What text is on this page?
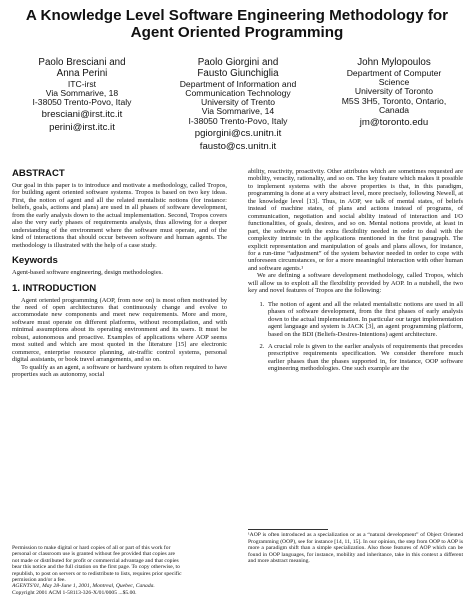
A Knowledge Level Software Engineering Methodology for
Agent Oriented Programming
Paolo Bresciani and
Anna Perini
ITC-irst
Via Sommarive, 18
I-38050 Trento-Povo, Italy
bresciani@irst.itc.it
perini@irst.itc.it
Paolo Giorgini and
Fausto Giunchiglia
Department of Information and
Communication Technology
University of Trento
Via Sommarive, 14
I-38050 Trento-Povo, Italy
pgiorgini@cs.unitn.it
fausto@cs.unitn.it
John Mylopoulos
Department of Computer
Science
University of Toronto
M5S 3H5, Toronto, Ontario,
Canada
jm@toronto.edu
ABSTRACT

Our goal in this paper is to introduce and motivate a methodology, called Tropos, for building agent oriented software systems. Tropos is based on two key ideas. First, the notion of agent and all the related mentalistic notions (for instance: beliefs, goals, actions and plans) are used in all phases of software development, from the early analysis down to the actual implementation. Second, Tropos covers also the very early phases of requirements analysis, thus allowing for a deeper understanding of the environment where the software must operate, and of the kind of interactions that should occur between software and human agents. The methodology is illustrated with the help of a case study.

Keywords

Agent-based software engineering, design methodologies.

1. INTRODUCTION

Agent oriented programming (AOP, from now on) is most often motivated by the need of open architectures that continuously change and evolve to accommodate new components and meet new requirements. More and more, software must operate on different platforms, without recompilation, and with minimal assumptions about its operating environment and its users. It must be robust, autonomous and proactive. Examples of applications where AOP seems most suited and which are most quoted in the literature [15] are electronic commerce, enterprise resource planning, air-traffic control systems, personal digital assistants, or book travel arrangements, and so on.

To qualify as an agent, a software or hardware system is often required to have properties such as autonomy, social

Permission to make digital or hard copies of all or part of this work for
personal or classroom use is granted without fee provided that copies are
not made or distributed for profit or commercial advantage and that copies
bear this notice and the full citation on the first page. To copy otherwise, to
republish, to post on servers or to redistribute to lists, requires prior specific
permission and/or a fee.
AGENTS'01, May 28-June 1, 2001, Montreal, Quebec, Canada.
Copyright 2001 ACM 1-58113-326-X/01/0005 ...$5.00.

ability, reactivity, proactivity. Other attributes which are sometimes requested are mobility, veracity, rationality, and so on. The key feature which makes it possible to implement systems with the above properties is that, in this paradigm, programming is done at a very abstract level, more precisely, following Newell, at the knowledge level [13]. Thus, in AOP, we talk of mental states, of beliefs instead of machine states, of plans and actions instead of programs, of communication, negotiation and social ability instead of interaction and I/O functionalities, of goals, desires, and so on. Mental notions provide, at least in part, the software with the extra flexibility needed in order to deal with the complexity intrinsic in the applications mentioned in the first paragraph. The explicit representation and manipulation of goals and plans allows, for instance, for a run-time “adjustment” of the system behavior needed in order to cope with unforeseen circumstances, or for a more meaningful interaction with other human and software agents.¹

We are defining a software development methodology, called Tropos, which will allow us to exploit all the flexibility provided by AOP. In a nutshell, the two key and novel features of Tropos are the following:

1. The notion of agent and all the related mentalistic notions are used in all phases of software development, from the first phases of early analysis down to the actual implementation. In particular our target implementation agent language and system is JACK [3], an agent programming platform, based on the BDI (Beliefs-Desires-Intentions) agent architecture.
2. A crucial role is given to the earlier analysis of requirements that precedes prescriptive requirements specification. We consider therefore much earlier phases than the phases supported in, for instance, OOP software engineering methodologies. One such example are the

¹AOP is often introduced as a specialization or as a “natural development” of Object Oriented Programming (OOP), see for instance [14, 11, 15]. In our opinion, the step from OOP to AOP is more a paradigm shift than a simple specialization. Also those features of AOP which can be found in OOP languages, for instance, mobility and inheritance, take in this context a different and more abstract meaning.
